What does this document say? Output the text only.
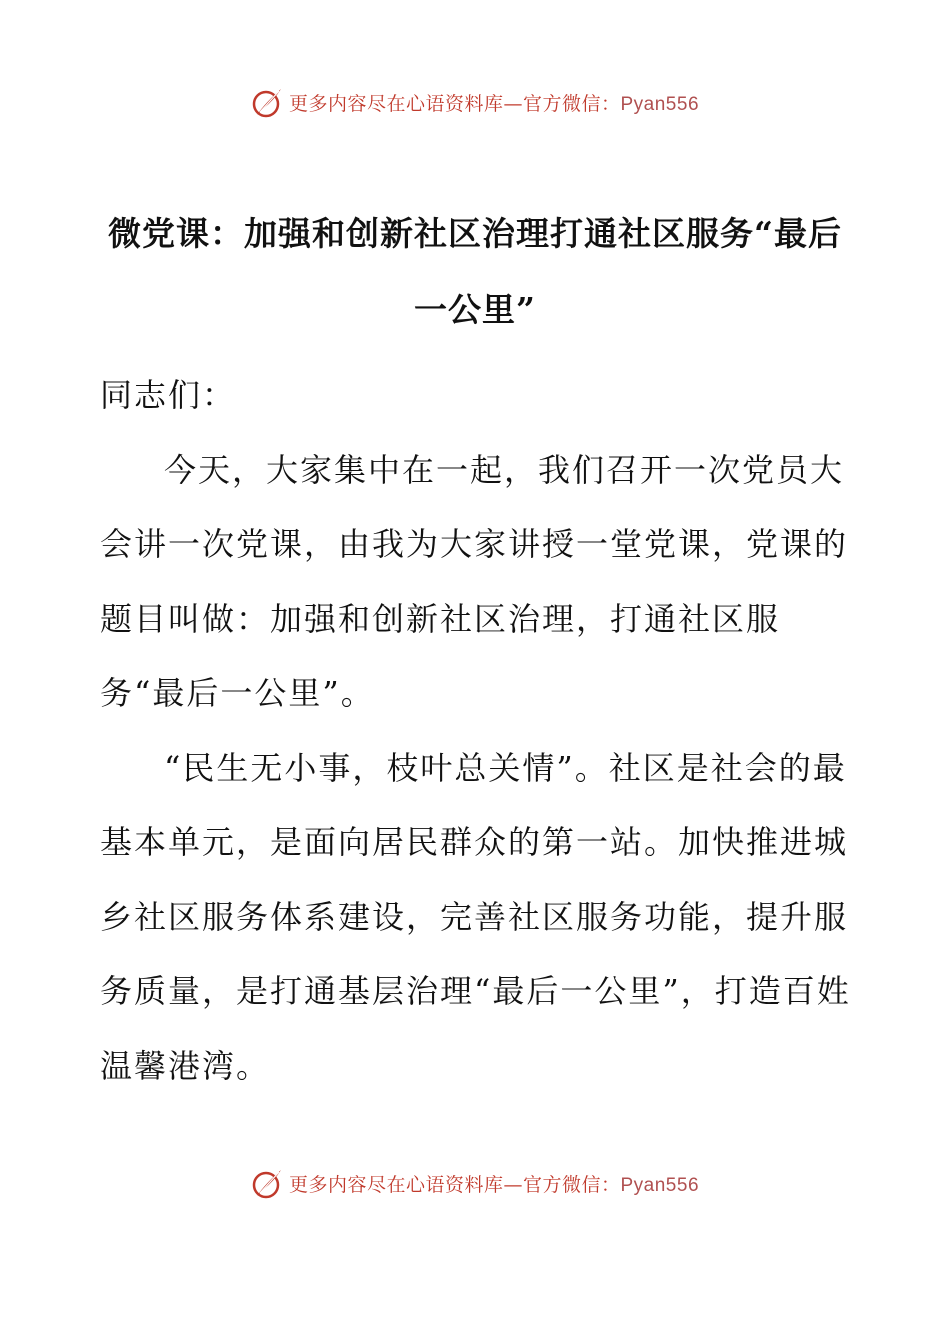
更多内容尽在心语资料库—官方微信：Pyan556
微党课：加强和创新社区治理打通社区服务“最后一公里”

同志们：

今天，大家集中在一起，我们召开一次党员大会讲一次党课，由我为大家讲授一堂党课，党课的题目叫做：加强和创新社区治理，打通社区服务“最后一公里”。

“民生无小事，枝叶总关情”。社区是社会的最基本单元，是面向居民群众的第一站。加快推进城乡社区服务体系建设，完善社区服务功能，提升服务质量，是打通基层治理“最后一公里”，打造百姓温馨港湾。

更多内容尽在心语资料库—官方微信：Pyan556
